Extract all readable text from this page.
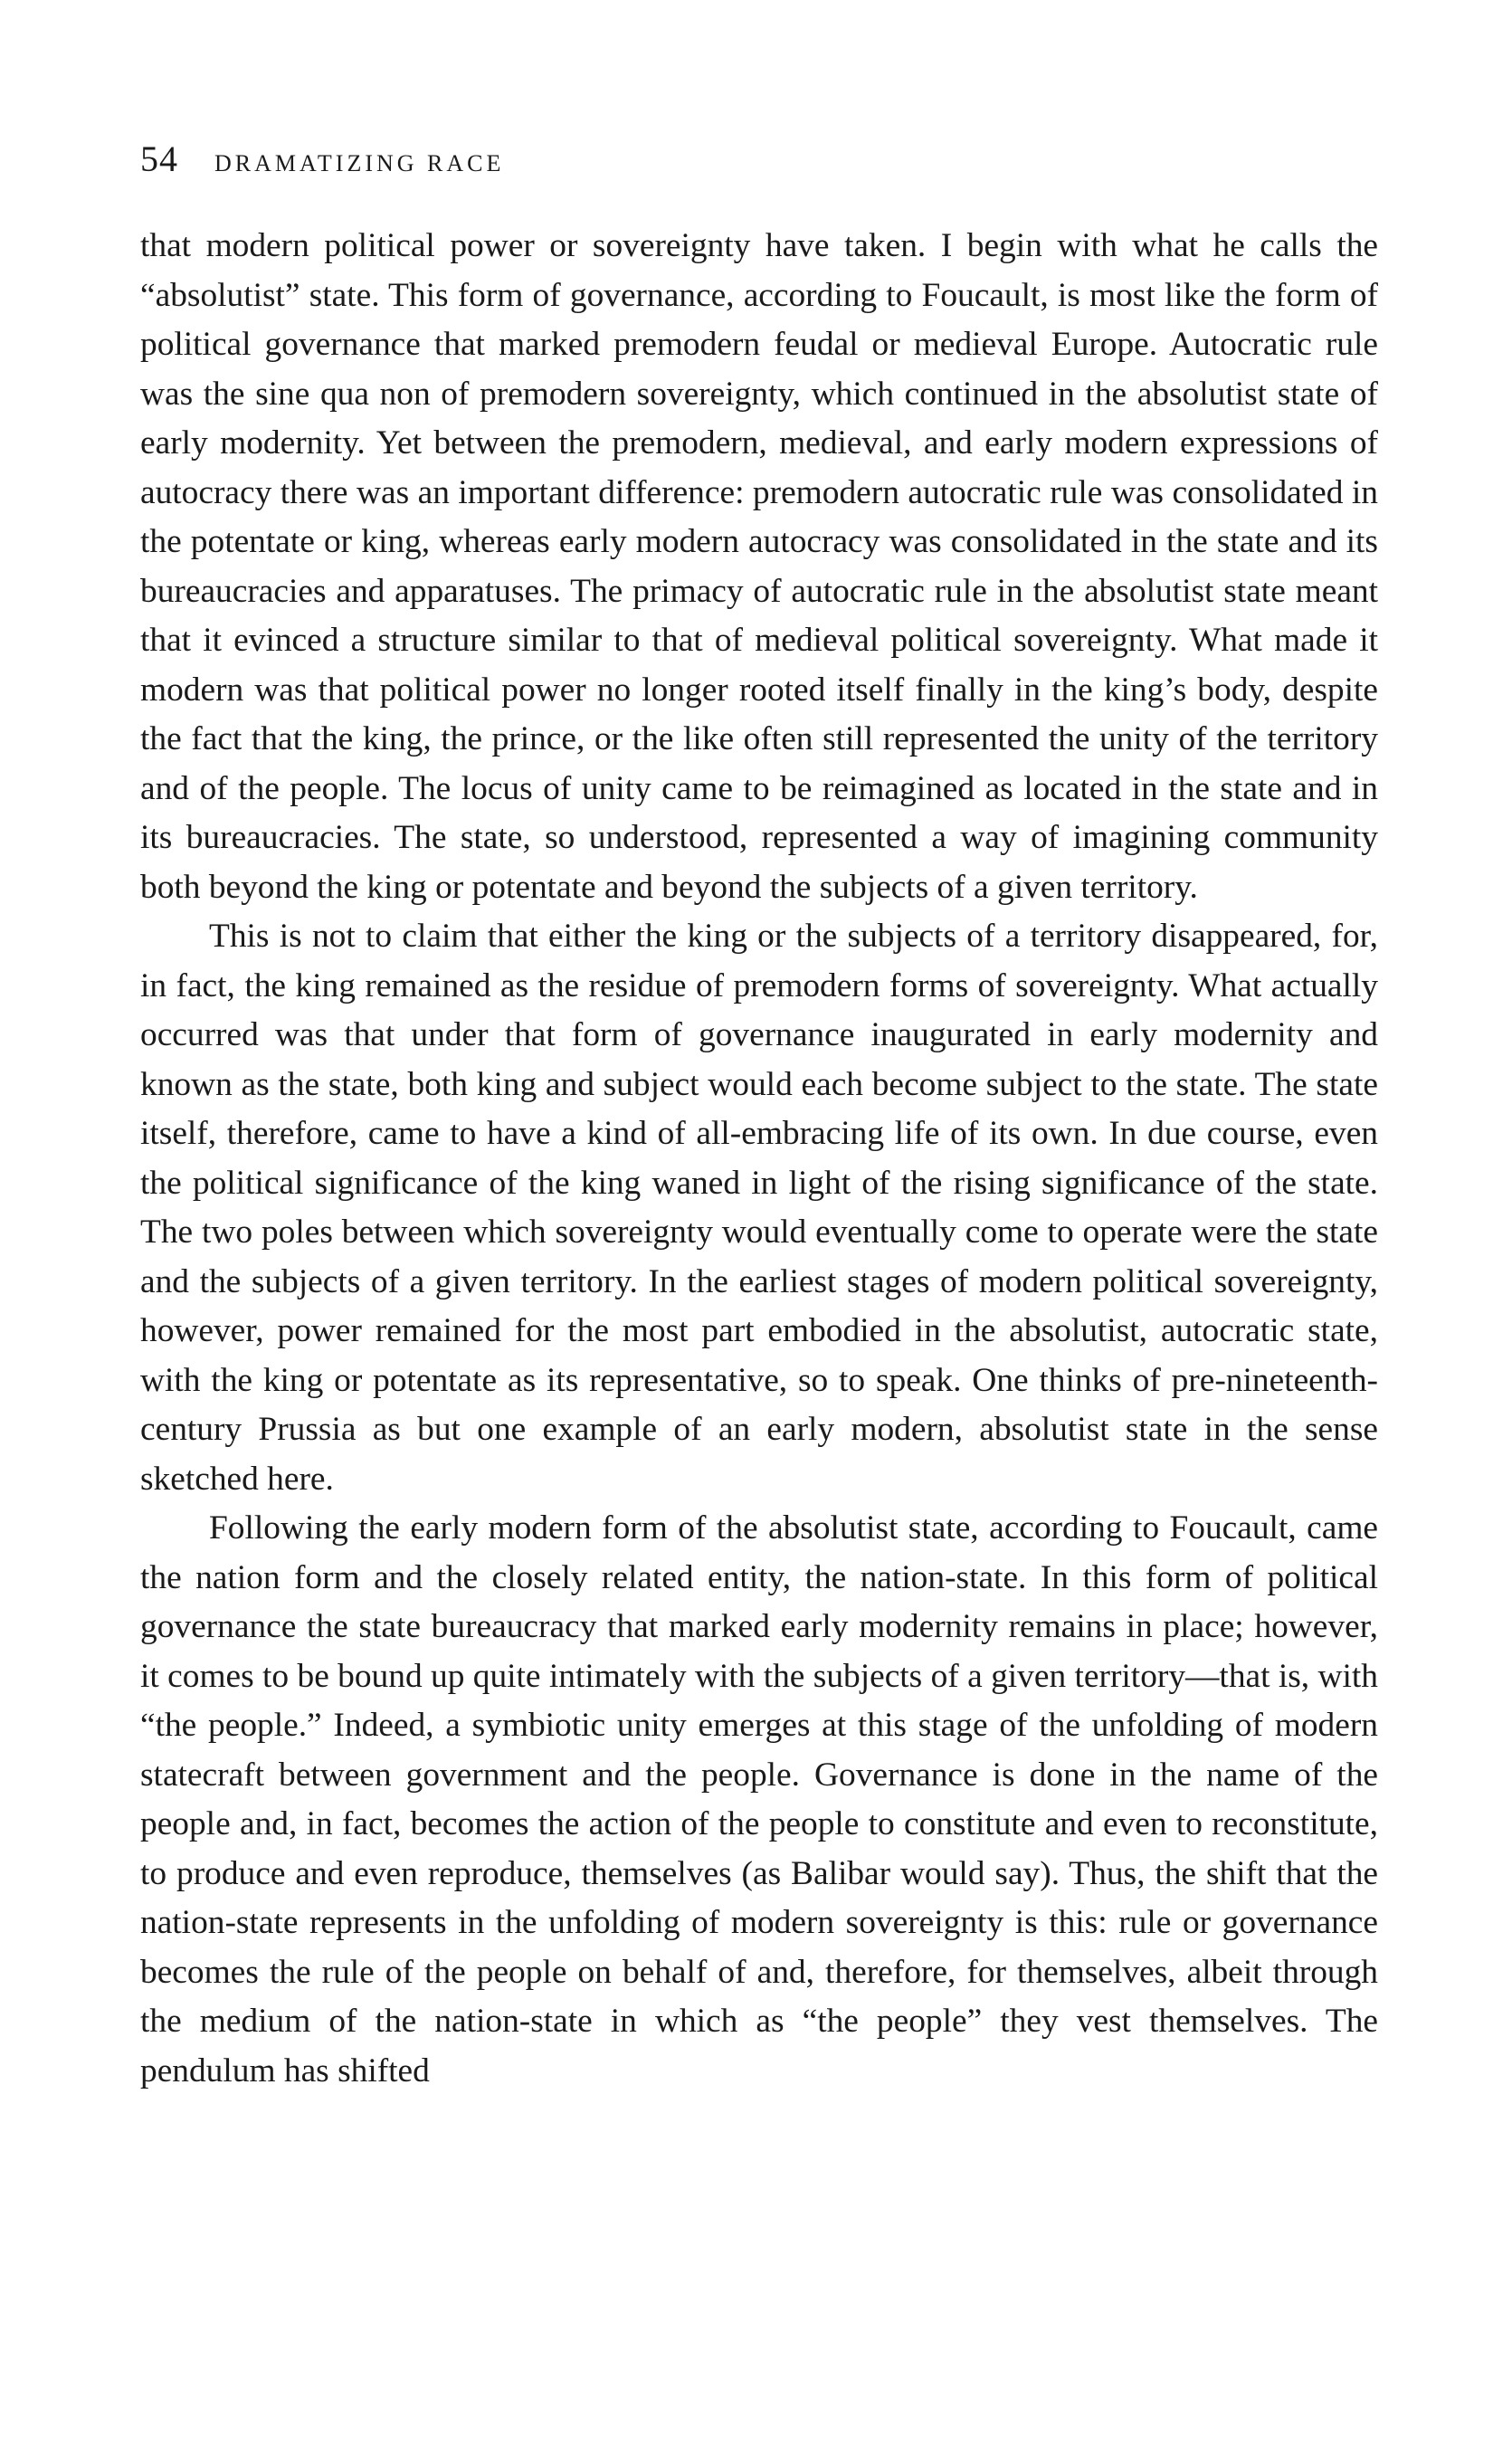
54 DRAMATIZING RACE

that modern political power or sovereignty have taken. I begin with what he calls the “absolutist” state. This form of governance, according to Foucault, is most like the form of political governance that marked premodern feudal or medieval Europe. Autocratic rule was the sine qua non of premodern sovereignty, which continued in the absolutist state of early modernity. Yet between the premodern, medieval, and early modern expressions of autocracy there was an important difference: premodern autocratic rule was consolidated in the potentate or king, whereas early modern autocracy was consolidated in the state and its bureaucracies and apparatuses. The primacy of autocratic rule in the absolutist state meant that it evinced a structure similar to that of medieval political sovereignty. What made it modern was that political power no longer rooted itself finally in the king’s body, despite the fact that the king, the prince, or the like often still represented the unity of the territory and of the people. The locus of unity came to be reimagined as located in the state and in its bureaucracies. The state, so understood, represented a way of imagining community both beyond the king or potentate and beyond the subjects of a given territory.

This is not to claim that either the king or the subjects of a territory disappeared, for, in fact, the king remained as the residue of premodern forms of sovereignty. What actually occurred was that under that form of governance inaugurated in early modernity and known as the state, both king and subject would each become subject to the state. The state itself, therefore, came to have a kind of all-embracing life of its own. In due course, even the political significance of the king waned in light of the rising significance of the state. The two poles between which sovereignty would eventually come to operate were the state and the subjects of a given territory. In the earliest stages of modern political sovereignty, however, power remained for the most part embodied in the absolutist, autocratic state, with the king or potentate as its representative, so to speak. One thinks of pre-nineteenth-century Prussia as but one example of an early modern, absolutist state in the sense sketched here.

Following the early modern form of the absolutist state, according to Foucault, came the nation form and the closely related entity, the nation-state. In this form of political governance the state bureaucracy that marked early modernity remains in place; however, it comes to be bound up quite intimately with the subjects of a given territory—that is, with “the people.” Indeed, a symbiotic unity emerges at this stage of the unfolding of modern statecraft between government and the people. Governance is done in the name of the people and, in fact, becomes the action of the people to constitute and even to reconstitute, to produce and even reproduce, themselves (as Balibar would say). Thus, the shift that the nation-state represents in the unfolding of modern sovereignty is this: rule or governance becomes the rule of the people on behalf of and, therefore, for themselves, albeit through the medium of the nation-state in which as “the people” they vest themselves. The pendulum has shifted
